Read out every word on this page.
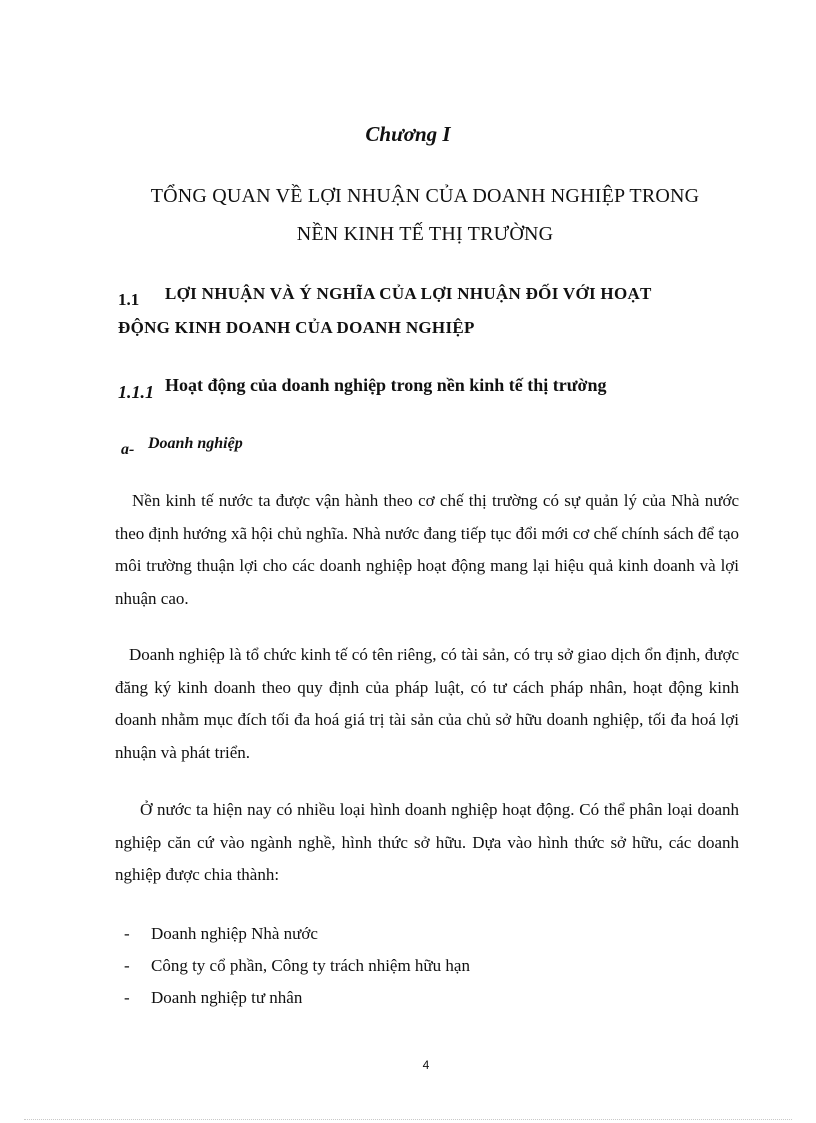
Chương I
TỔNG QUAN VỀ LỢI NHUẬN CỦA DOANH NGHIỆP TRONG
NỀN KINH TẾ THỊ TRƯỜNG
1.1 LỢI NHUẬN VÀ Ý NGHĨA CỦA LỢI NHUẬN ĐỐI VỚI HOẠT
ĐỘNG KINH DOANH CỦA DOANH NGHIỆP
1.1.1 Hoạt động của doanh nghiệp trong nền kinh tế thị trường
a- Doanh nghiệp
Nền kinh tế nước ta được vận hành theo cơ chế thị trường có sự quản lý của Nhà nước theo định hướng xã hội chủ nghĩa. Nhà nước đang tiếp tục đổi mới cơ chế chính sách để tạo môi trường thuận lợi cho các doanh nghiệp hoạt động mang lại hiệu quả kinh doanh và lợi nhuận cao.
Doanh nghiệp là tổ chức kinh tế có tên riêng, có tài sản, có trụ sở giao dịch ổn định, được đăng ký kinh doanh theo quy định của pháp luật, có tư cách pháp nhân, hoạt động kinh doanh nhằm mục đích tối đa hoá giá trị tài sản của chủ sở hữu doanh nghiệp, tối đa hoá lợi nhuận và phát triển.
Ở nước ta hiện nay có nhiều loại hình doanh nghiệp hoạt động. Có thể phân loại doanh nghiệp căn cứ vào ngành nghề, hình thức sở hữu. Dựa vào hình thức sở hữu, các doanh nghiệp được chia thành:
-	Doanh nghiệp Nhà nước
-	Công ty cổ phần, Công ty trách nhiệm hữu hạn
-	Doanh nghiệp tư nhân
4
